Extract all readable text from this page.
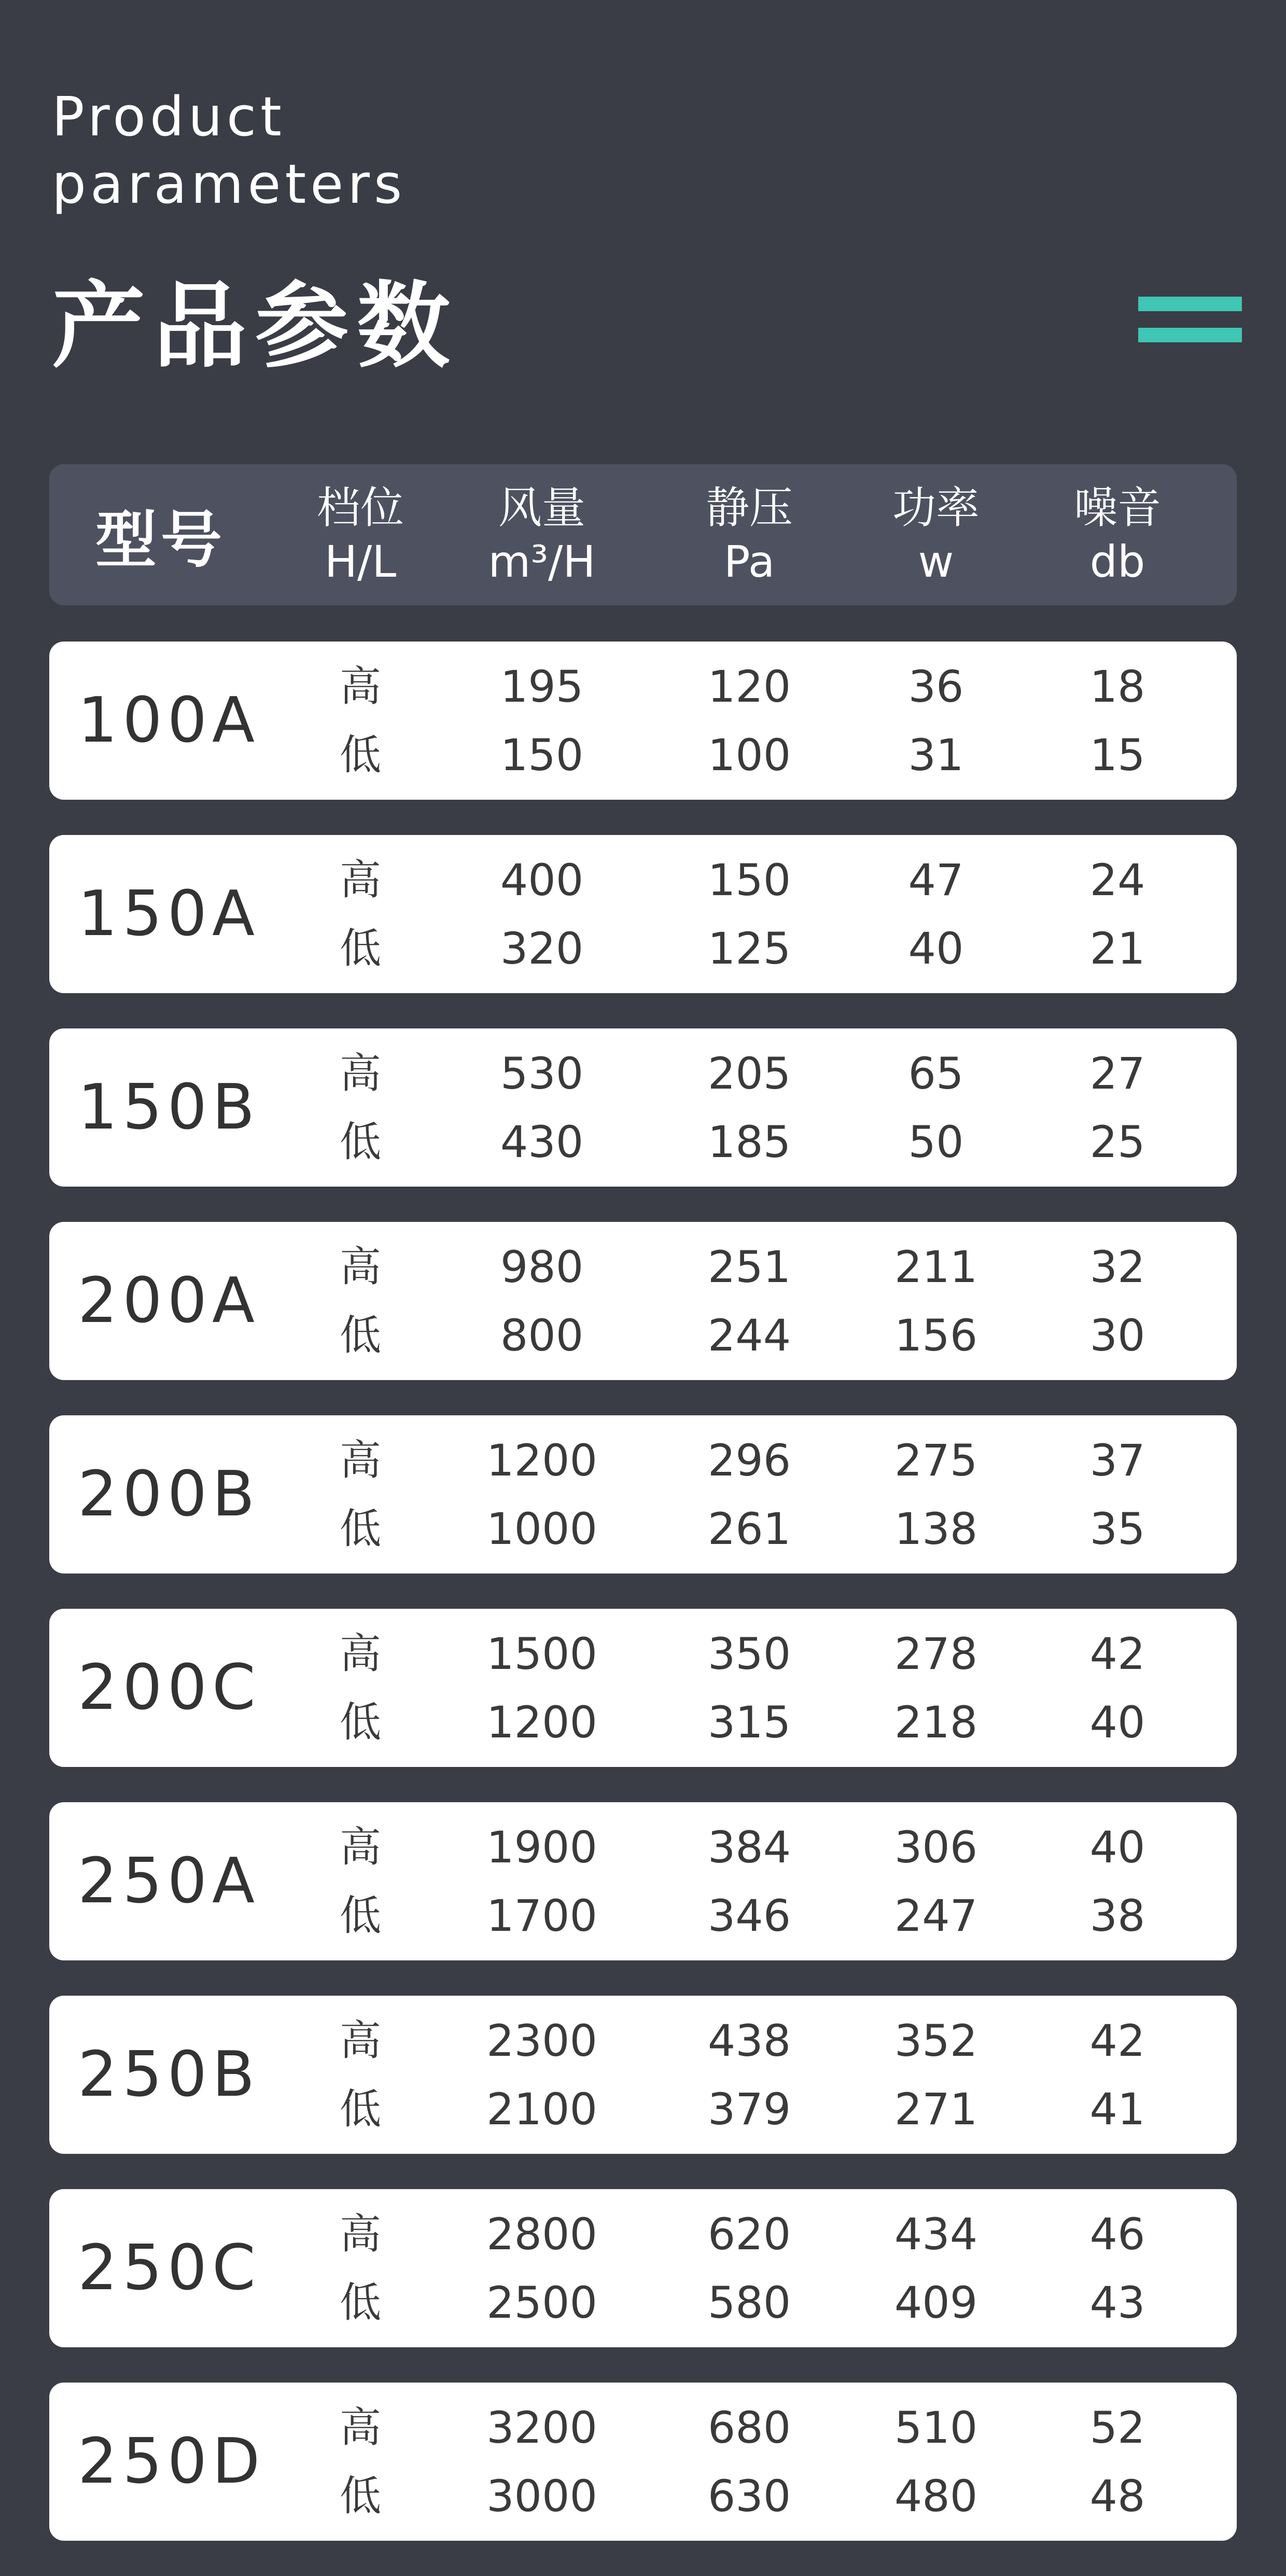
Product
parameters
产品参数
型号	档位
H/L
风量
m³/H
静压
Pa
功率
w
噪音
db
100A 高
低
195
150
120
100
36
31
18
15
150A 高
低
400
320
150
125
47
40
24
21
150B 高
低
530
430
205
185
65
50
27
25
200A 高
低
980
800
251
244
211
156
32
30
200B 高
低
1200
1000
296
261
275
138
37
35
200C 高
低
1500
1200
350
315
278
218
42
40
250A 高
低
1900
1700
384
346
306
247
40
38
250B 高
低
2300
2100
438
379
352
271
42
41
250C 高
低
2800
2500
620
580
434
409
46
43
250D 高
低
3200
3000
680
630
510
480
52
48
